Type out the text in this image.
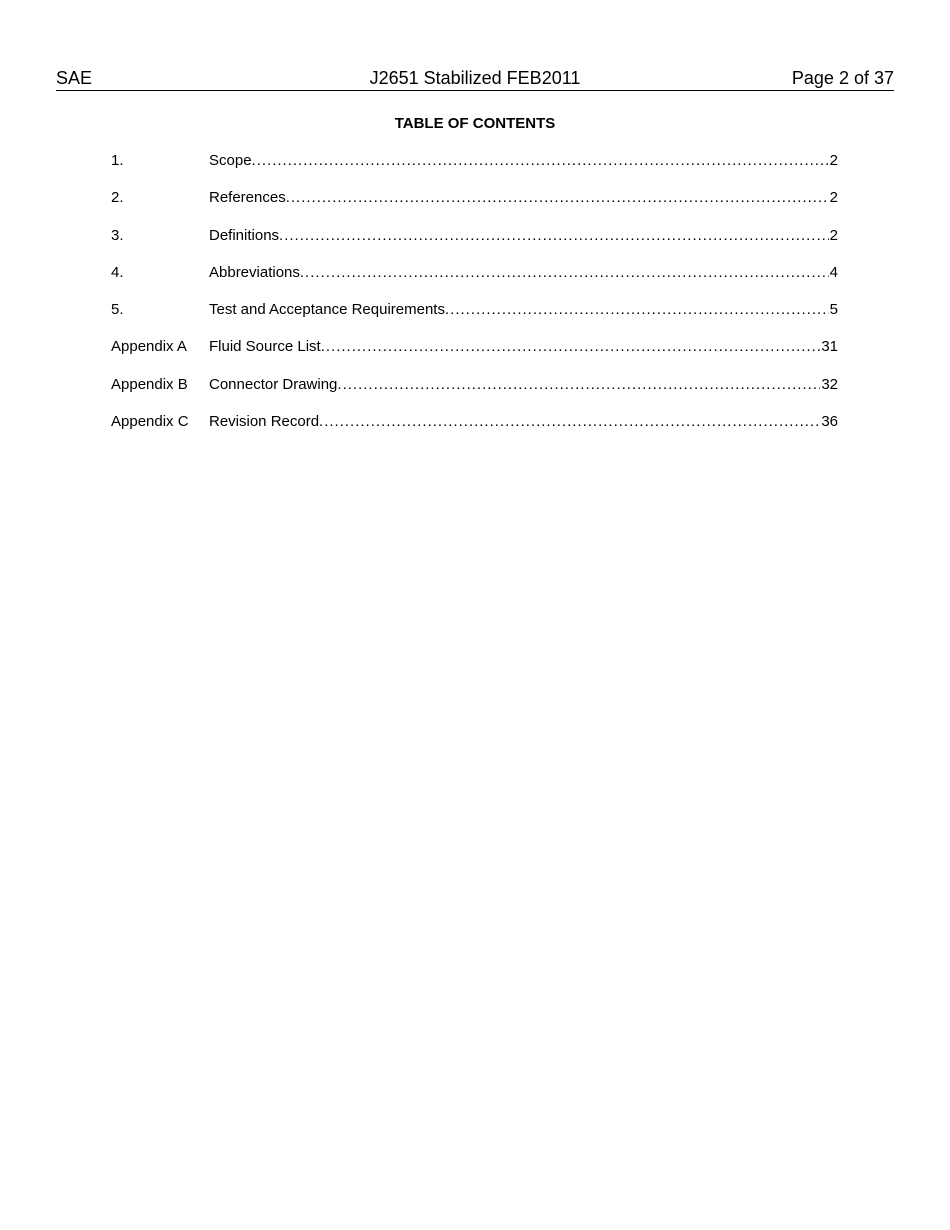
J2651 Stabilized FEB2011
SAE	Page 2 of 37
TABLE OF CONTENTS
1.	Scope .....	2
2.	References .....	2
3.	Definitions .....	2
4.	Abbreviations .....	4
5.	Test and Acceptance Requirements .....	5
Appendix A Fluid Source List .....	31
Appendix B Connector Drawing .....	32
Appendix C Revision Record .....	36
